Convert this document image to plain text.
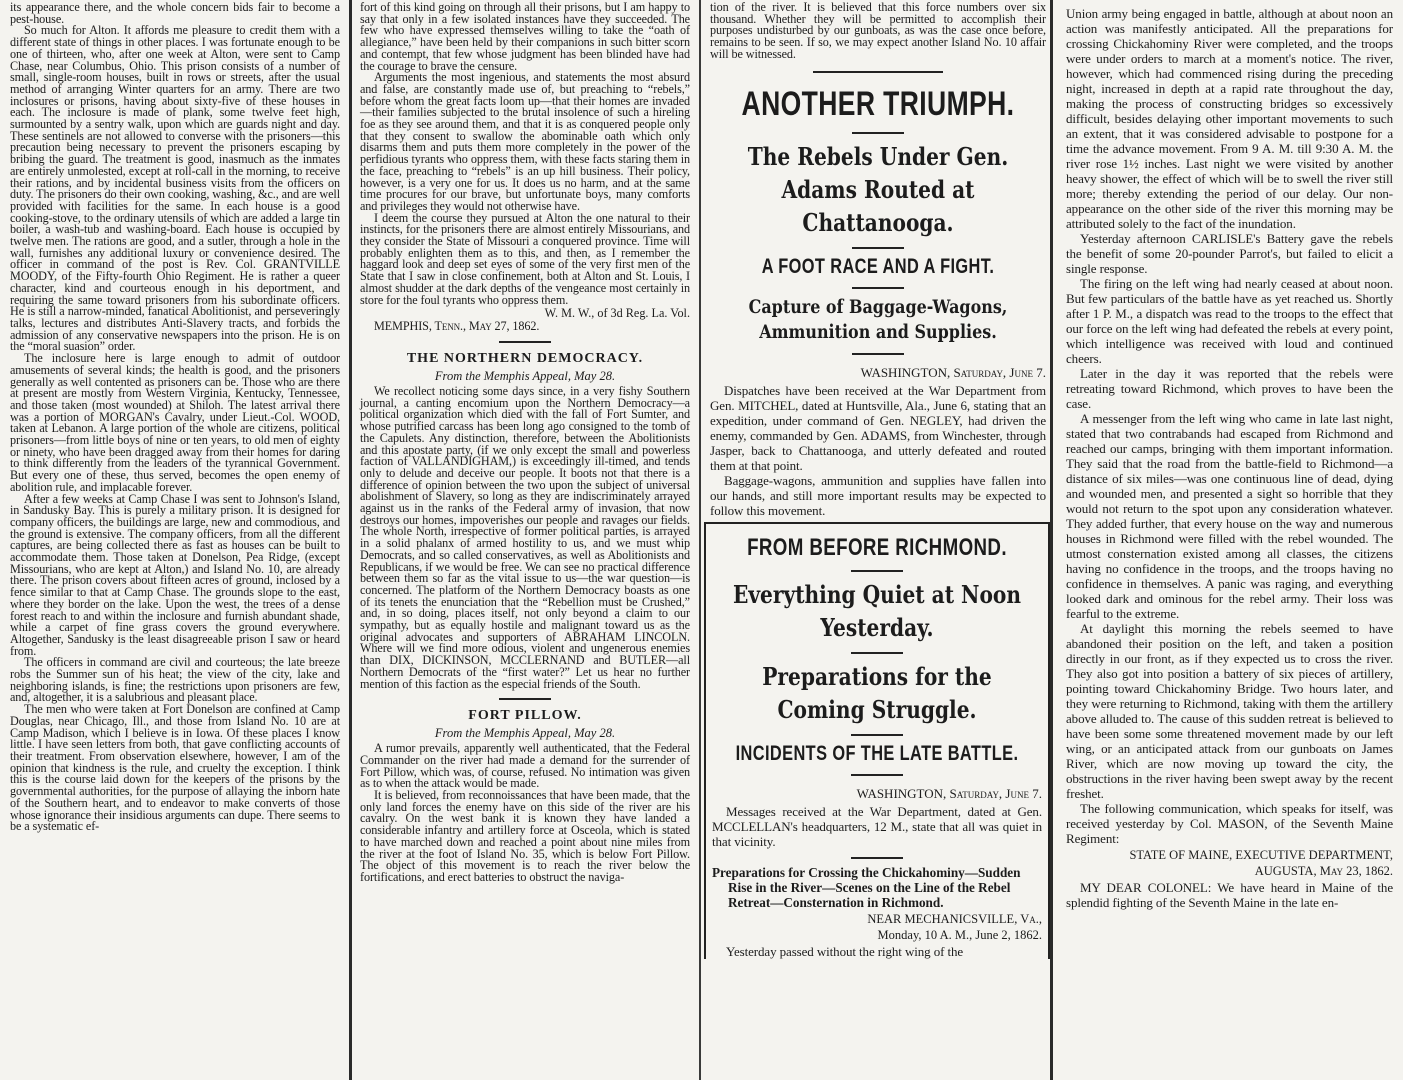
its appearance there, and the whole concern bids fair to become a pest-house.

So much for Alton. It affords me pleasure to credit them with a different state of things in other places. I was fortunate enough to be one of thirteen, who, after one week at Alton, were sent to Camp Chase, near Columbus, Ohio. This prison consists of a number of small, single-room houses, built in rows or streets, after the usual method of arranging Winter quarters for an army. There are two inclosures or prisons, having about sixty-five of these houses in each. The inclosure is made of plank, some twelve feet high, surmounted by a sentry walk, upon which are guards night and day. These sentinels are not allowed to converse with the prisoners—this precaution being necessary to prevent the prisoners escaping by bribing the guard. The treatment is good, inasmuch as the inmates are entirely unmolested, except at roll-call in the morning, to receive their rations, and by incidental business visits from the officers on duty. The prisoners do their own cooking, washing, &c., and are well provided with facilities for the same. In each house is a good cooking-stove, to the ordinary utensils of which are added a large tin boiler, a wash-tub and washing-board. Each house is occupied by twelve men. The rations are good, and a sutler, through a hole in the wall, furnishes any additional luxury or convenience desired. The officer in command of the post is Rev. Col. GRANTVILLE MOODY, of the Fifty-fourth Ohio Regiment. He is rather a queer character, kind and courteous enough in his deportment, and requiring the same toward prisoners from his subordinate officers. He is still a narrow-minded, fanatical Abolitionist, and perseveringly talks, lectures and distributes Anti-Slavery tracts, and forbids the admission of any conservative newspapers into the prison. He is on the “moral suasion” order.

The inclosure here is large enough to admit of outdoor amusements of several kinds; the health is good, and the prisoners generally as well contented as prisoners can be. Those who are there at present are mostly from Western Virginia, Kentucky, Tennessee, and those taken (most wounded) at Shiloh. The latest arrival there was a portion of MORGAN's Cavalry, under Lieut.-Col. WOOD, taken at Lebanon. A large portion of the whole are citizens, political prisoners—from little boys of nine or ten years, to old men of eighty or ninety, who have been dragged away from their homes for daring to think differently from the leaders of the tyrannical Government. But every one of these, thus served, becomes the open enemy of abolition rule, and implacable forever.

After a few weeks at Camp Chase I was sent to Johnson's Island, in Sandusky Bay. This is purely a military prison. It is designed for company officers, the buildings are large, new and commodious, and the ground is extensive. The company officers, from all the different captures, are being collected there as fast as houses can be built to accommodate them. Those taken at Donelson, Pea Ridge, (except Missourians, who are kept at Alton,) and Island No. 10, are already there. The prison covers about fifteen acres of ground, inclosed by a fence similar to that at Camp Chase. The grounds slope to the east, where they border on the lake. Upon the west, the trees of a dense forest reach to and within the inclosure and furnish abundant shade, while a carpet of fine grass covers the ground everywhere. Altogether, Sandusky is the least disagreeable prison I saw or heard from.

The officers in command are civil and courteous; the late breeze robs the Summer sun of his heat; the view of the city, lake and neighboring islands, is fine; the restrictions upon prisoners are few, and, altogether, it is a salubrious and pleasant place.

The men who were taken at Fort Donelson are confined at Camp Douglas, near Chicago, Ill., and those from Island No. 10 are at Camp Madison, which I believe is in Iowa. Of these places I know little. I have seen letters from both, that gave conflicting accounts of their treatment. From observation elsewhere, however, I am of the opinion that kindness is the rule, and cruelty the exception. I think this is the course laid down for the keepers of the prisons by the governmental authorities, for the purpose of allaying the inborn hate of the Southern heart, and to endeavor to make converts of those whose ignorance their insidious arguments can dupe. There seems to be a systematic ef-

fort of this kind going on through all their prisons, but I am happy to say that only in a few isolated instances have they succeeded. The few who have expressed themselves willing to take the “oath of allegiance,” have been held by their companions in such bitter scorn and contempt, that few whose judgment has been blinded have had the courage to brave the censure.

Arguments the most ingenious, and statements the most absurd and false, are constantly made use of, but preaching to “rebels,” before whom the great facts loom up—that their homes are invaded—their families subjected to the brutal insolence of such a hireling foe as they see around them, and that it is as conquered people only that they consent to swallow the abominable oath which only disarms them and puts them more completely in the power of the perfidious tyrants who oppress them, with these facts staring them in the face, preaching to “rebels” is an up hill business. Their policy, however, is a very one for us. It does us no harm, and at the same time procures for our brave, but unfortunate boys, many comforts and privileges they would not otherwise have.

I deem the course they pursued at Alton the one natural to their instincts, for the prisoners there are almost entirely Missourians, and they consider the State of Missouri a conquered province. Time will probably enlighten them as to this, and then, as I remember the haggard look and deep set eyes of some of the very first men of the State that I saw in close confinement, both at Alton and St. Louis, I almost shudder at the dark depths of the vengeance most certainly in store for the foul tyrants who oppress them.

W. M. W., of 3d Reg. La. Vol.

MEMPHIS, Tenn., May 27, 1862.

THE NORTHERN DEMOCRACY.

From the Memphis Appeal, May 28.

We recollect noticing some days since, in a very fishy Southern journal, a canting encomium upon the Northern Democracy—a political organization which died with the fall of Fort Sumter, and whose putrified carcass has been long ago consigned to the tomb of the Capulets. Any distinction, therefore, between the Abolitionists and this apostate party, (if we only except the small and powerless faction of VALLANDIGHAM,) is exceedingly ill-timed, and tends only to delude and deceive our people. It boots not that there is a difference of opinion between the two upon the subject of universal abolishment of Slavery, so long as they are indiscriminately arrayed against us in the ranks of the Federal army of invasion, that now destroys our homes, impoverishes our people and ravages our fields. The whole North, irrespective of former political parties, is arrayed in a solid phalanx of armed hostility to us, and we must whip Democrats, and so called conservatives, as well as Abolitionists and Republicans, if we would be free. We can see no practical difference between them so far as the vital issue to us—the war question—is concerned. The platform of the Northern Democracy boasts as one of its tenets the enunciation that the “Rebellion must be Crushed,” and, in so doing, places itself, not only beyond a claim to our sympathy, but as equally hostile and malignant toward us as the original advocates and supporters of ABRAHAM LINCOLN. Where will we find more odious, violent and ungenerous enemies than DIX, DICKINSON, MCCLERNAND and BUTLER—all Northern Democrats of the “first water?” Let us hear no further mention of this faction as the especial friends of the South.

FORT PILLOW.

From the Memphis Appeal, May 28.

A rumor prevails, apparently well authenticated, that the Federal Commander on the river had made a demand for the surrender of Fort Pillow, which was, of course, refused. No intimation was given as to when the attack would be made.

It is believed, from reconnoissances that have been made, that the only land forces the enemy have on this side of the river are his cavalry. On the west bank it is known they have landed a considerable infantry and artillery force at Osceola, which is stated to have marched down and reached a point about nine miles from the river at the foot of Island No. 35, which is below Fort Pillow. The object of this movement is to reach the river below the fortifications, and erect batteries to obstruct the naviga-

tion of the river. It is believed that this force numbers over six thousand. Whether they will be permitted to accomplish their purposes undisturbed by our gunboats, as was the case once before, remains to be seen. If so, we may expect another Island No. 10 affair will be witnessed.

ANOTHER TRIUMPH.
The Rebels Under Gen. Adams Routed at Chattanooga.
A FOOT RACE AND A FIGHT.
Capture of Baggage-Wagons, Ammunition and Supplies.

WASHINGTON, Saturday, June 7.

Dispatches have been received at the War Department from Gen. MITCHEL, dated at Huntsville, Ala., June 6, stating that an expedition, under command of Gen. NEGLEY, had driven the enemy, commanded by Gen. ADAMS, from Winchester, through Jasper, back to Chattanooga, and utterly defeated and routed them at that point.

Baggage-wagons, ammunition and supplies have fallen into our hands, and still more important results may be expected to follow this movement.

FROM BEFORE RICHMOND.
Everything Quiet at Noon Yesterday.
Preparations for the Coming Struggle.
INCIDENTS OF THE LATE BATTLE.

WASHINGTON, Saturday, June 7.

Messages received at the War Department, dated at Gen. MCCLELLAN's headquarters, 12 M., state that all was quiet in that vicinity.

Preparations for Crossing the Chickahominy—Sudden Rise in the River—Scenes on the Line of the Rebel Retreat—Consternation in Richmond.

NEAR MECHANICSVILLE, Va.,

Monday, 10 A. M., June 2, 1862.

Yesterday passed without the right wing of the

Union army being engaged in battle, although at about noon an action was manifestly anticipated. All the preparations for crossing Chickahominy River were completed, and the troops were under orders to march at a moment's notice. The river, however, which had commenced rising during the preceding night, increased in depth at a rapid rate throughout the day, making the process of constructing bridges so excessively difficult, besides delaying other important movements to such an extent, that it was considered advisable to postpone for a time the advance movement. From 9 A. M. till 9:30 A. M. the river rose 1½ inches. Last night we were visited by another heavy shower, the effect of which will be to swell the river still more; thereby extending the period of our delay. Our non-appearance on the other side of the river this morning may be attributed solely to the fact of the inundation.

Yesterday afternoon CARLISLE's Battery gave the rebels the benefit of some 20-pounder Parrot's, but failed to elicit a single response.

The firing on the left wing had nearly ceased at about noon. But few particulars of the battle have as yet reached us. Shortly after 1 P. M., a dispatch was read to the troops to the effect that our force on the left wing had defeated the rebels at every point, which intelligence was received with loud and continued cheers.

Later in the day it was reported that the rebels were retreating toward Richmond, which proves to have been the case.

A messenger from the left wing who came in late last night, stated that two contrabands had escaped from Richmond and reached our camps, bringing with them important information. They said that the road from the battle-field to Richmond—a distance of six miles—was one continuous line of dead, dying and wounded men, and presented a sight so horrible that they would not return to the spot upon any consideration whatever. They added further, that every house on the way and numerous houses in Richmond were filled with the rebel wounded. The utmost consternation existed among all classes, the citizens having no confidence in the troops, and the troops having no confidence in themselves. A panic was raging, and everything looked dark and ominous for the rebel army. Their loss was fearful to the extreme.

At daylight this morning the rebels seemed to have abandoned their position on the left, and taken a position directly in our front, as if they expected us to cross the river. They also got into position a battery of six pieces of artillery, pointing toward Chickahominy Bridge. Two hours later, and they were returning to Richmond, taking with them the artillery above alluded to. The cause of this sudden retreat is believed to have been some some threatened movement made by our left wing, or an anticipated attack from our gunboats on James River, which are now moving up toward the city, the obstructions in the river having been swept away by the recent freshet.

The following communication, which speaks for itself, was received yesterday by Col. MASON, of the Seventh Maine Regiment:

STATE OF MAINE, EXECUTIVE DEPARTMENT,

AUGUSTA, May 23, 1862.

MY DEAR COLONEL: We have heard in Maine of the splendid fighting of the Seventh Maine in the late en-
